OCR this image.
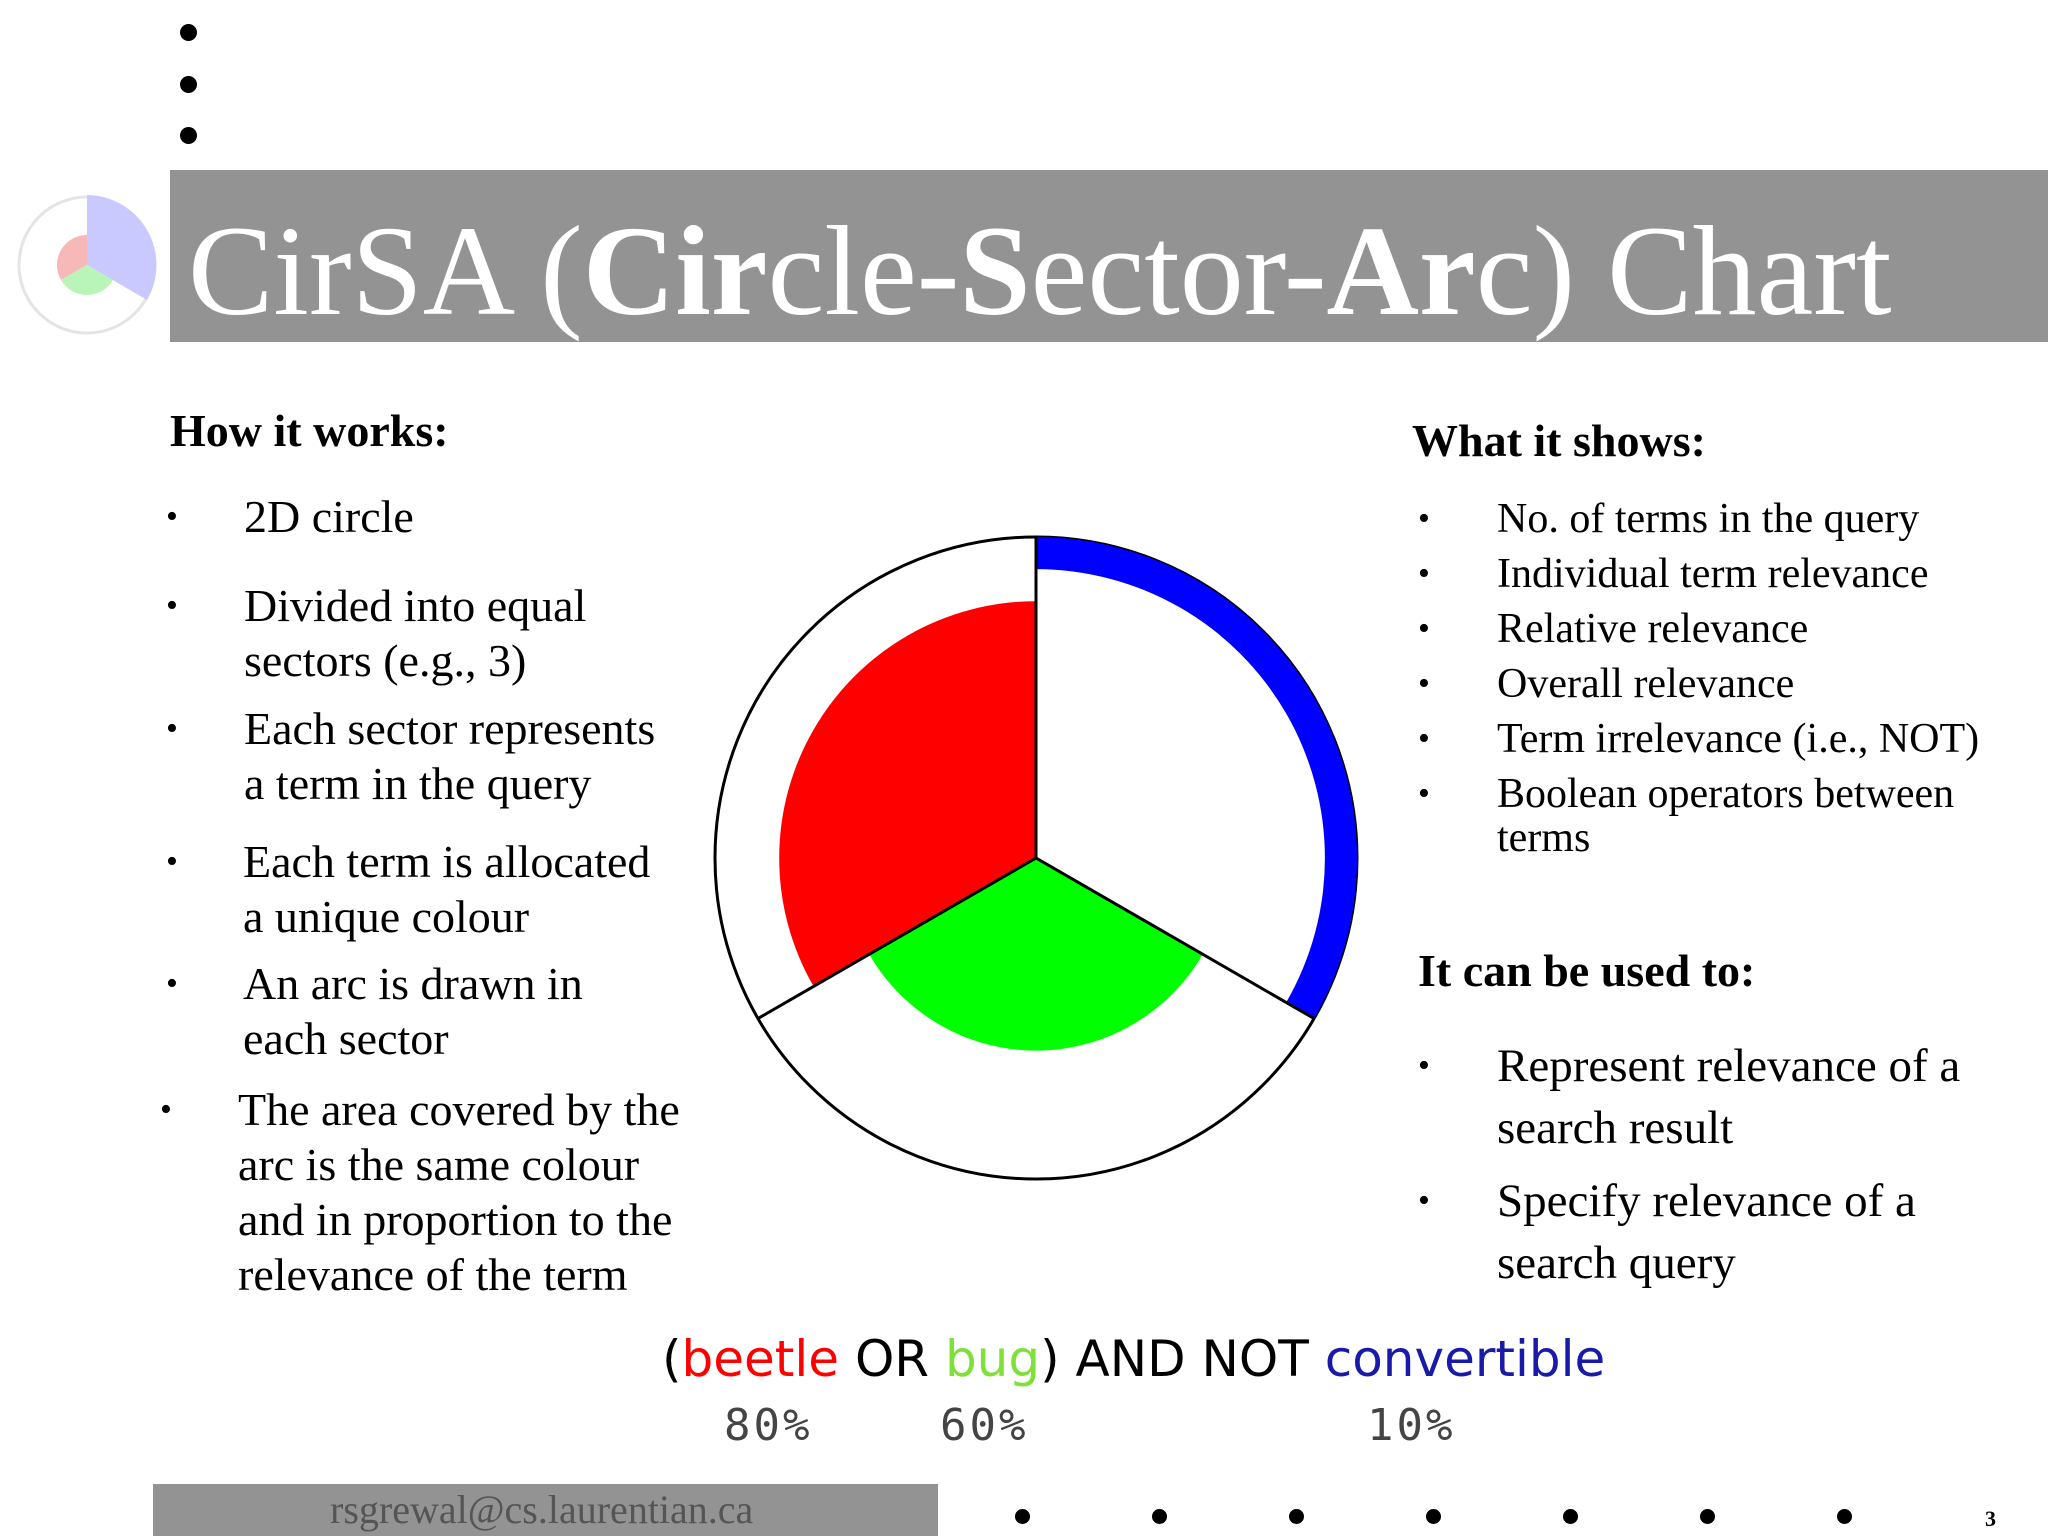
CirSA (Circle-Sector-Arc) Chart
How it works:
• 2D circle
• Divided into equal
sectors (e.g., 3)
• Each sector represents
a term in the query
• Each term is allocated
a unique colour
• An arc is drawn in
each sector
• The area covered by the
arc is the same colour
and in proportion to the
relevance of the term
What it shows:
• No. of terms in the query
• Individual term relevance
• Relative relevance
• Overall relevance
• Term irrelevance (i.e., NOT)
• Boolean operators between
terms
It can be used to:
• Represent relevance of a
search result
• Specify relevance of a
search query
(beetle OR bug) AND NOT convertible
80%	60%	10%
rsgrewal@cs.laurentian.ca	3
